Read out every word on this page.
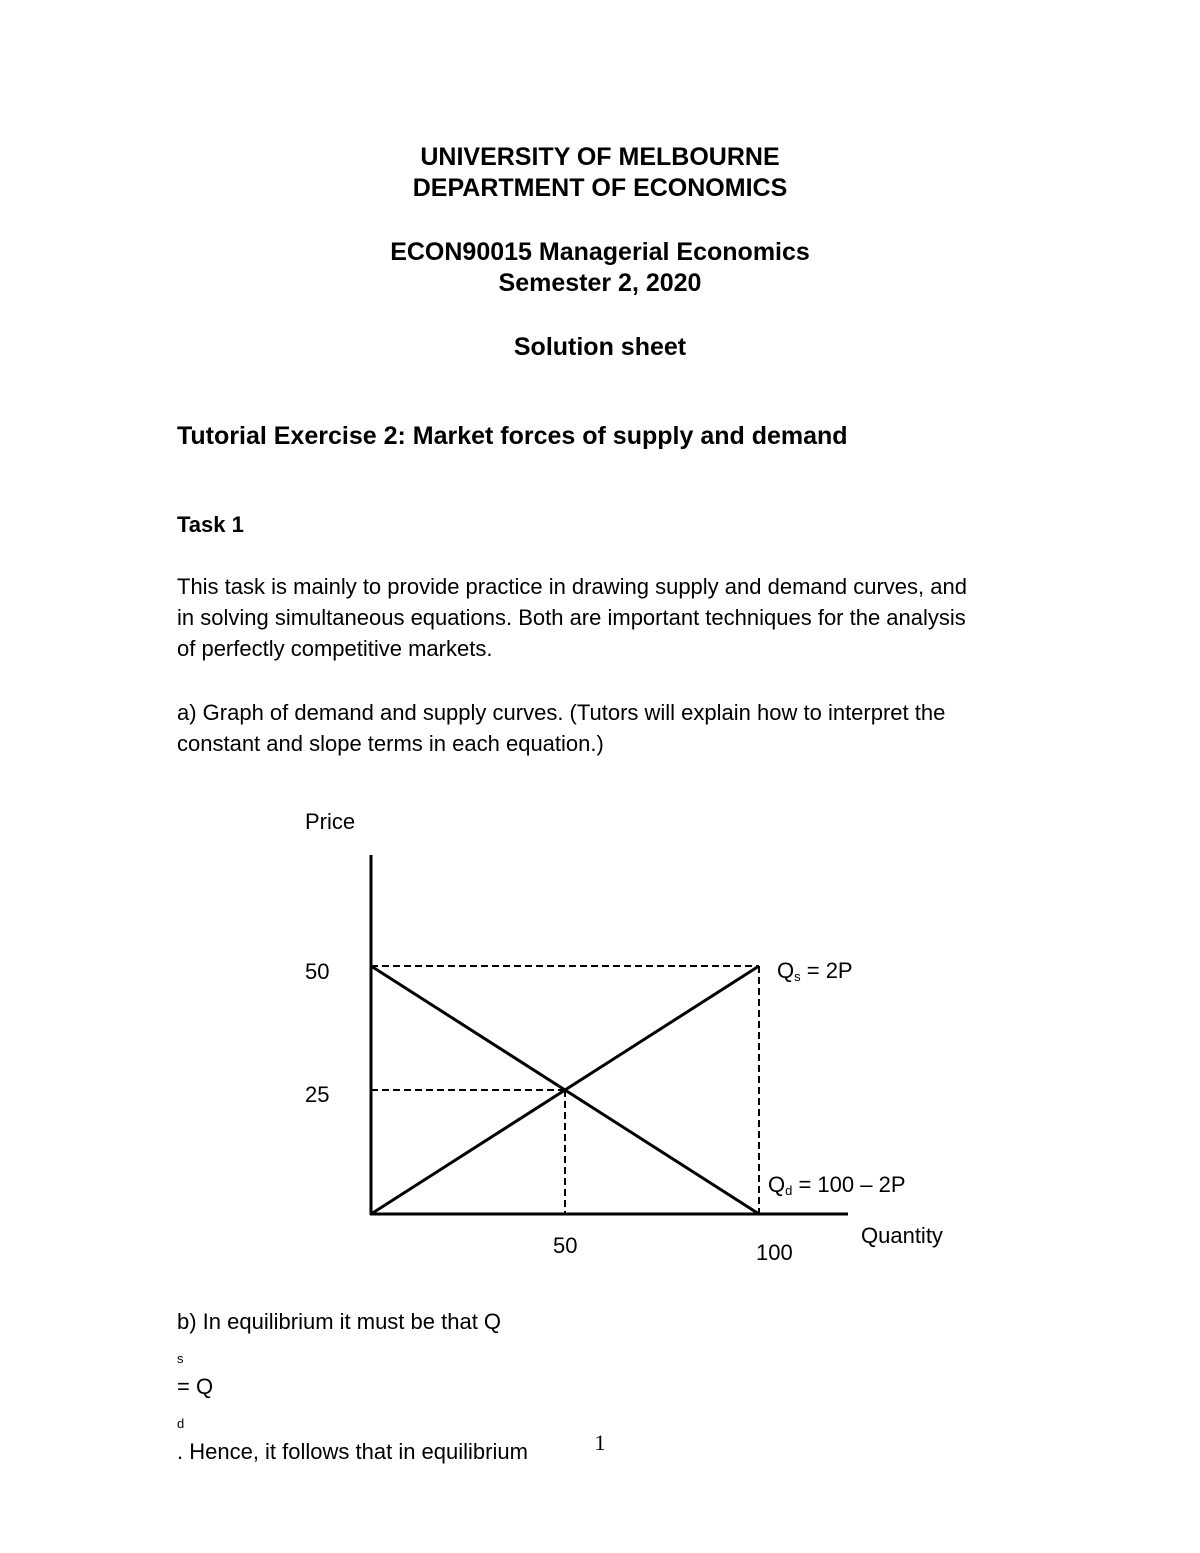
UNIVERSITY OF MELBOURNE
DEPARTMENT OF ECONOMICS
ECON90015 Managerial Economics
Semester 2, 2020
Solution sheet
Tutorial Exercise 2: Market forces of supply and demand
Task 1
This task is mainly to provide practice in drawing supply and demand curves, and
in solving simultaneous equations. Both are important techniques for the analysis
of perfectly competitive markets.
a) Graph of demand and supply curves. (Tutors will explain how to interpret the
constant and slope terms in each equation.)
Price
50
25
50	100
Quantity
$Q_s = 2P$
$Q_d = 100 - 2P$
b) In equilibrium it must be that Q
$_s$
= Q
$_d$
. Hence, it follows that in equilibrium	1
